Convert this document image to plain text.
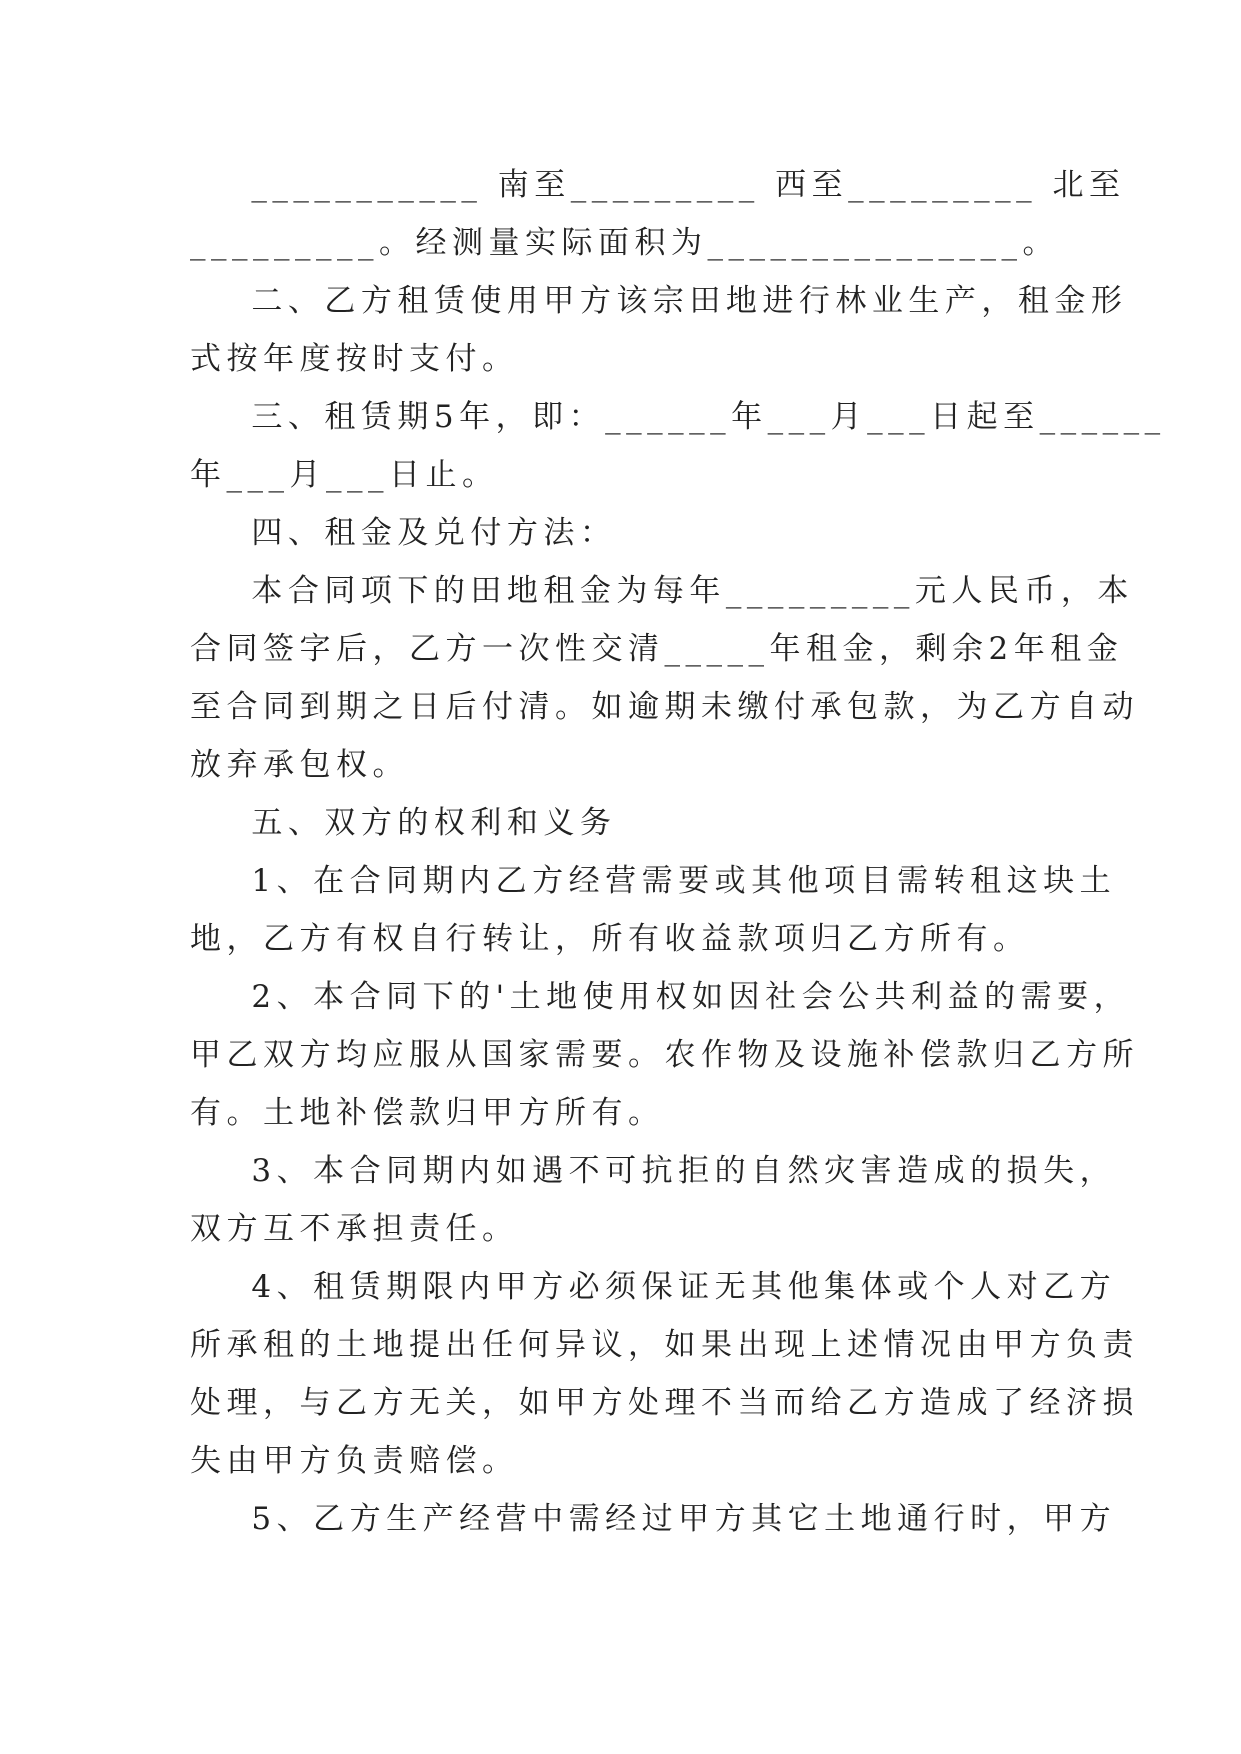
___________ 南至_________ 西至_________ 北至
_________。经测量实际面积为_______________。
二、乙方租赁使用甲方该宗田地进行林业生产，租金形
式按年度按时支付。
三、租赁期5年，即：______年___月___日起至______
年___月___日止。
四、租金及兑付方法：
本合同项下的田地租金为每年_________元人民币，本
合同签字后，乙方一次性交清_____年租金，剩余2年租金
至合同到期之日后付清。如逾期未缴付承包款，为乙方自动
放弃承包权。
五、双方的权利和义务
1、在合同期内乙方经营需要或其他项目需转租这块土
地，乙方有权自行转让，所有收益款项归乙方所有。
2、本合同下的'土地使用权如因社会公共利益的需要，
甲乙双方均应服从国家需要。农作物及设施补偿款归乙方所
有。土地补偿款归甲方所有。
3、本合同期内如遇不可抗拒的自然灾害造成的损失，
双方互不承担责任。
4、租赁期限内甲方必须保证无其他集体或个人对乙方
所承租的土地提出任何异议，如果出现上述情况由甲方负责
处理，与乙方无关，如甲方处理不当而给乙方造成了经济损
失由甲方负责赔偿。
5、乙方生产经营中需经过甲方其它土地通行时，甲方
